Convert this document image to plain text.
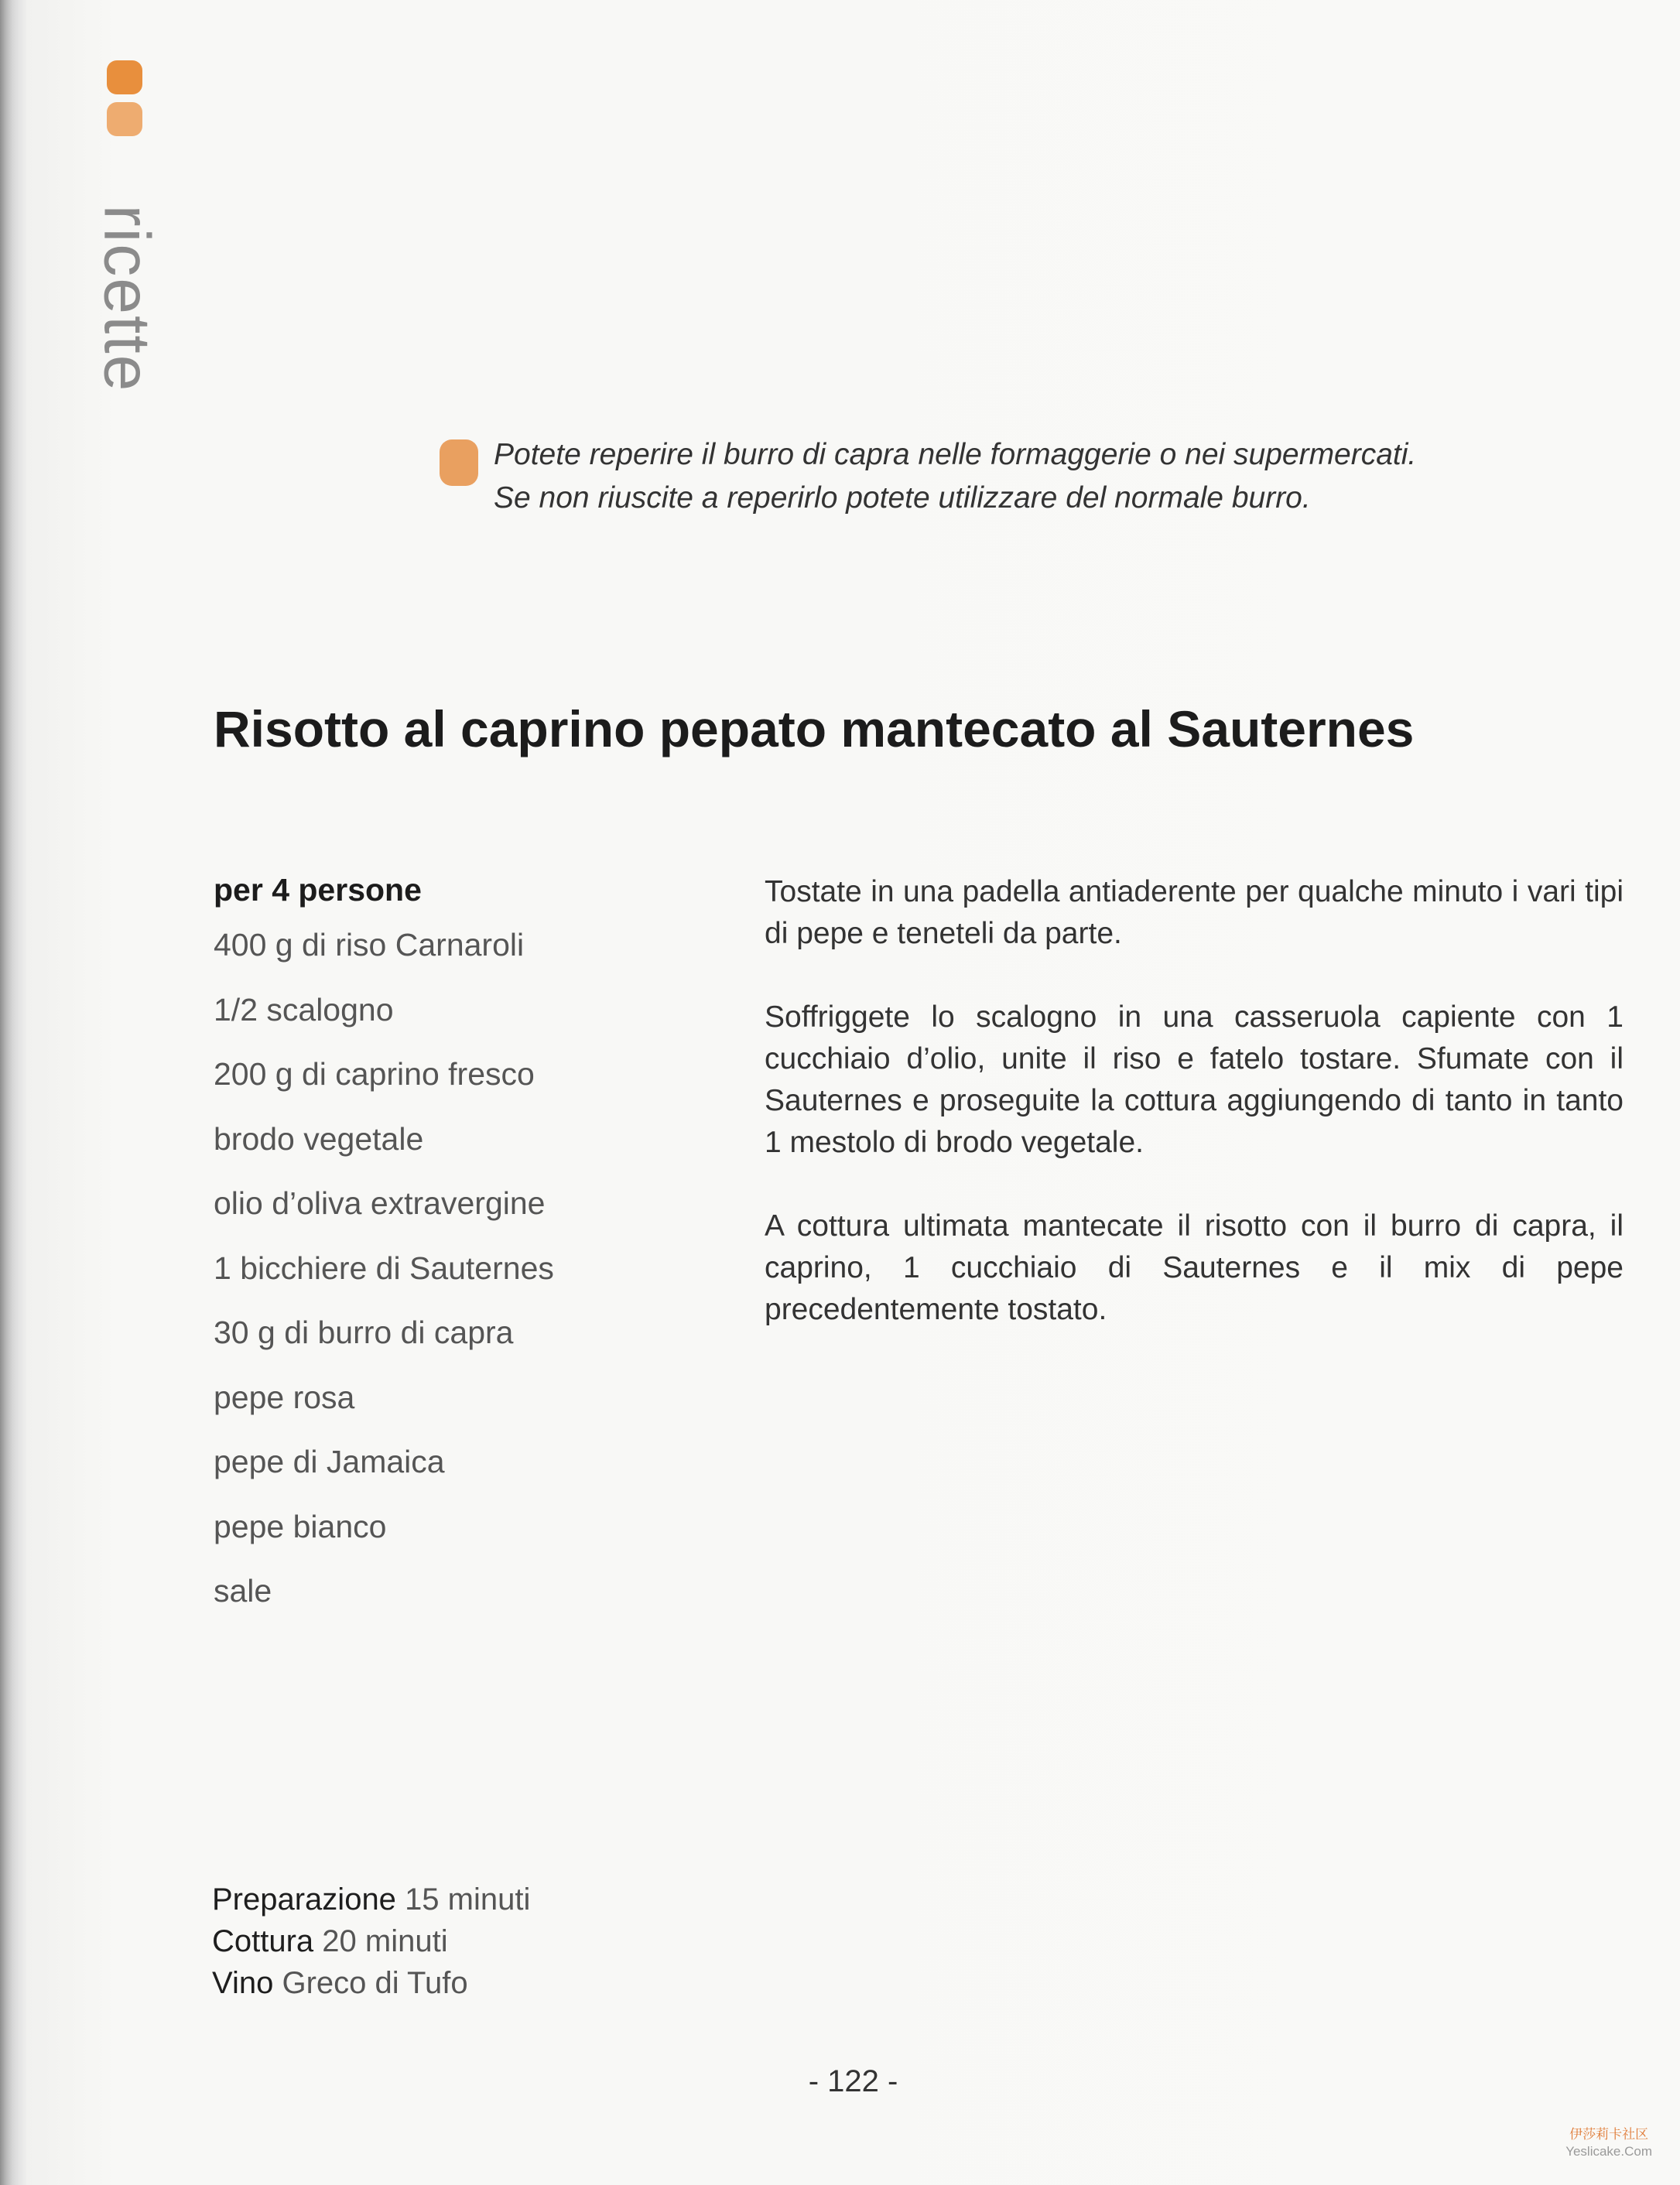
ricette
Potete reperire il burro di capra nelle formaggerie o nei supermercati.
Se non riuscite a reperirlo potete utilizzare del normale burro.
Risotto al caprino pepato mantecato al Sauternes
per 4 persone
400 g di riso Carnaroli
1/2 scalogno
200 g di caprino fresco
brodo vegetale
olio d’oliva extravergine
1 bicchiere di Sauternes
30 g di burro di capra
pepe rosa
pepe di Jamaica
pepe bianco
sale

Tostate in una padella antiaderente per qualche minuto i vari tipi di pepe e teneteli da parte.

Soffriggete lo scalogno in una casseruola capiente con 1 cucchiaio d’olio, unite il riso e fatelo tostare. Sfumate con il Sauternes e proseguite la cottura aggiungendo di tanto in tanto 1 mestolo di brodo vegetale.

A cottura ultimata mantecate il risotto con il burro di capra, il caprino, 1 cucchiaio di Sauternes e il mix di pepe precedentemente tostato.

Preparazione 15 minuti
Cottura 20 minuti
Vino Greco di Tufo
- 122 -
伊莎莉卡社区
Yeslicake.Com
